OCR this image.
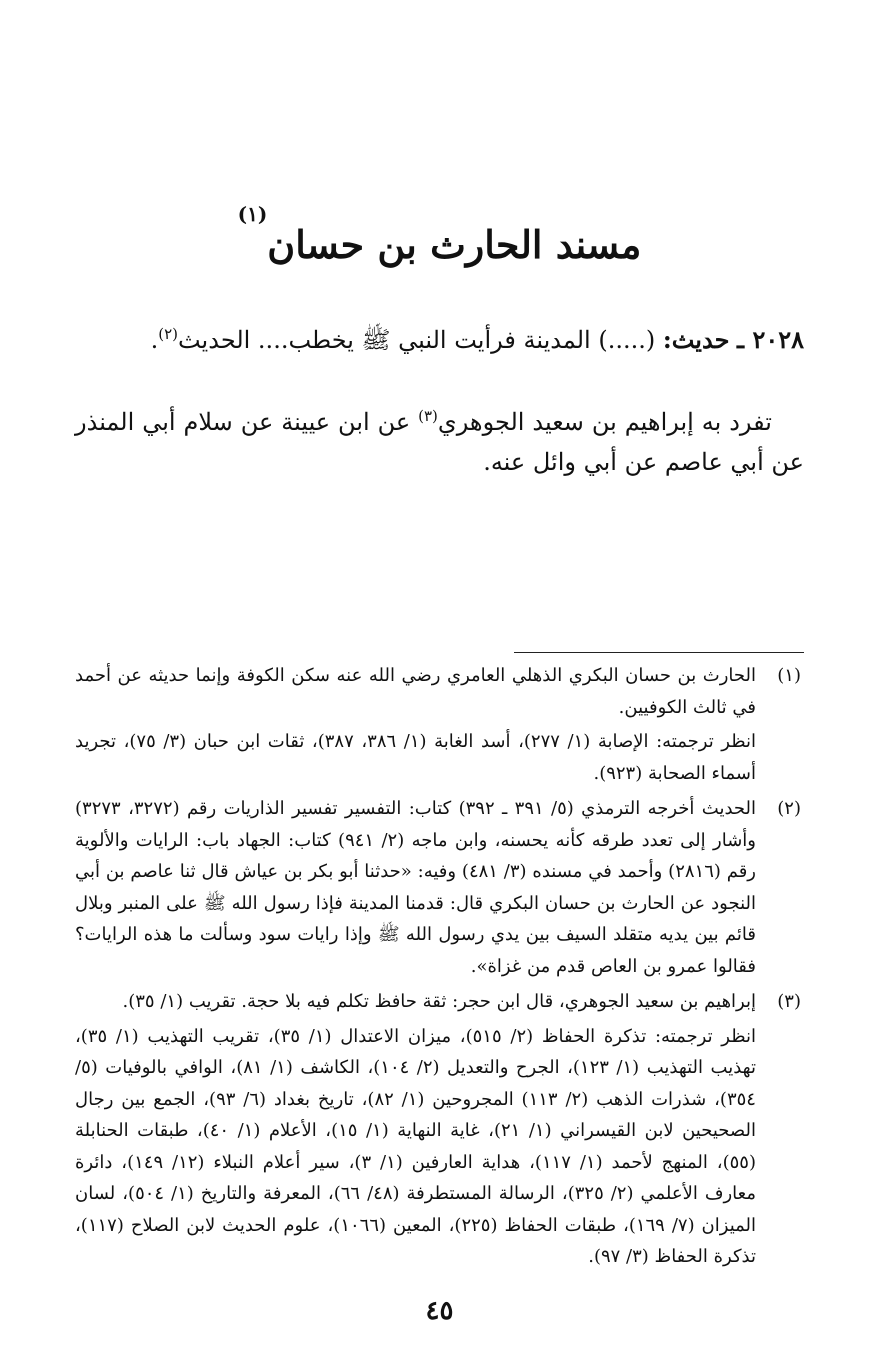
مسند الحارث بن حسان$^{(١)}$
٢٠٢٨ ـ حديث: (.....) المدينة فرأيت النبي ﷺ يخطب.... الحديث$^{(٢)}$.
تفرد به إبراهيم بن سعيد الجوهري$^{(٣)}$ عن ابن عيينة عن سلام أبي المنذر عن أبي عاصم عن أبي وائل عنه.
(١)
الحارث بن حسان البكري الذهلي العامري رضي الله عنه سكن الكوفة وإنما حديثه عن أحمد في ثالث الكوفيين.
انظر ترجمته: الإصابة (١/ ٢٧٧)، أسد الغابة (١/ ٣٨٦، ٣٨٧)، ثقات ابن حبان (٣/ ٧٥)، تجريد أسماء الصحابة (٩٢٣).
(٢)
الحديث أخرجه الترمذي (٥/ ٣٩١ ـ ٣٩٢) كتاب: التفسير تفسير الذاريات رقم (٣٢٧٢، ٣٢٧٣) وأشار إلى تعدد طرقه كأنه يحسنه، وابن ماجه (٢/ ٩٤١) كتاب: الجهاد باب: الرايات والألوية رقم (٢٨١٦) وأحمد في مسنده (٣/ ٤٨١) وفيه: «حدثنا أبو بكر بن عياش قال ثنا عاصم بن أبي النجود عن الحارث بن حسان البكري قال: قدمنا المدينة فإذا رسول الله ﷺ على المنبر وبلال قائم بين يديه متقلد السيف بين يدي رسول الله ﷺ وإذا رايات سود وسألت ما هذه الرايات؟ فقالوا عمرو بن العاص قدم من غزاة».
(٣)
إبراهيم بن سعيد الجوهري، قال ابن حجر: ثقة حافظ تكلم فيه بلا حجة. تقريب (١/ ٣٥).
انظر ترجمته: تذكرة الحفاظ (٢/ ٥١٥)، ميزان الاعتدال (١/ ٣٥)، تقريب التهذيب (١/ ٣٥)، تهذيب التهذيب (١/ ١٢٣)، الجرح والتعديل (٢/ ١٠٤)، الكاشف (١/ ٨١)، الوافي بالوفيات (٥/ ٣٥٤)، شذرات الذهب (٢/ ١١٣) المجروحين (١/ ٨٢)، تاريخ بغداد (٦/ ٩٣)، الجمع بين رجال الصحيحين لابن القيسراني (١/ ٢١)، غاية النهاية (١/ ١٥)، الأعلام (١/ ٤٠)، طبقات الحنابلة (٥٥)، المنهج لأحمد (١/ ١١٧)، هداية العارفين (١/ ٣)، سير أعلام النبلاء (١٢/ ١٤٩)، دائرة معارف الأعلمي (٢/ ٣٢٥)، الرسالة المستطرفة (٤٨/ ٦٦)، المعرفة والتاريخ (١/ ٥٠٤)، لسان الميزان (٧/ ١٦٩)، طبقات الحفاظ (٢٢٥)، المعين (١٠٦٦)، علوم الحديث لابن الصلاح (١١٧)، تذكرة الحفاظ (٣/ ٩٧).
٤٥
